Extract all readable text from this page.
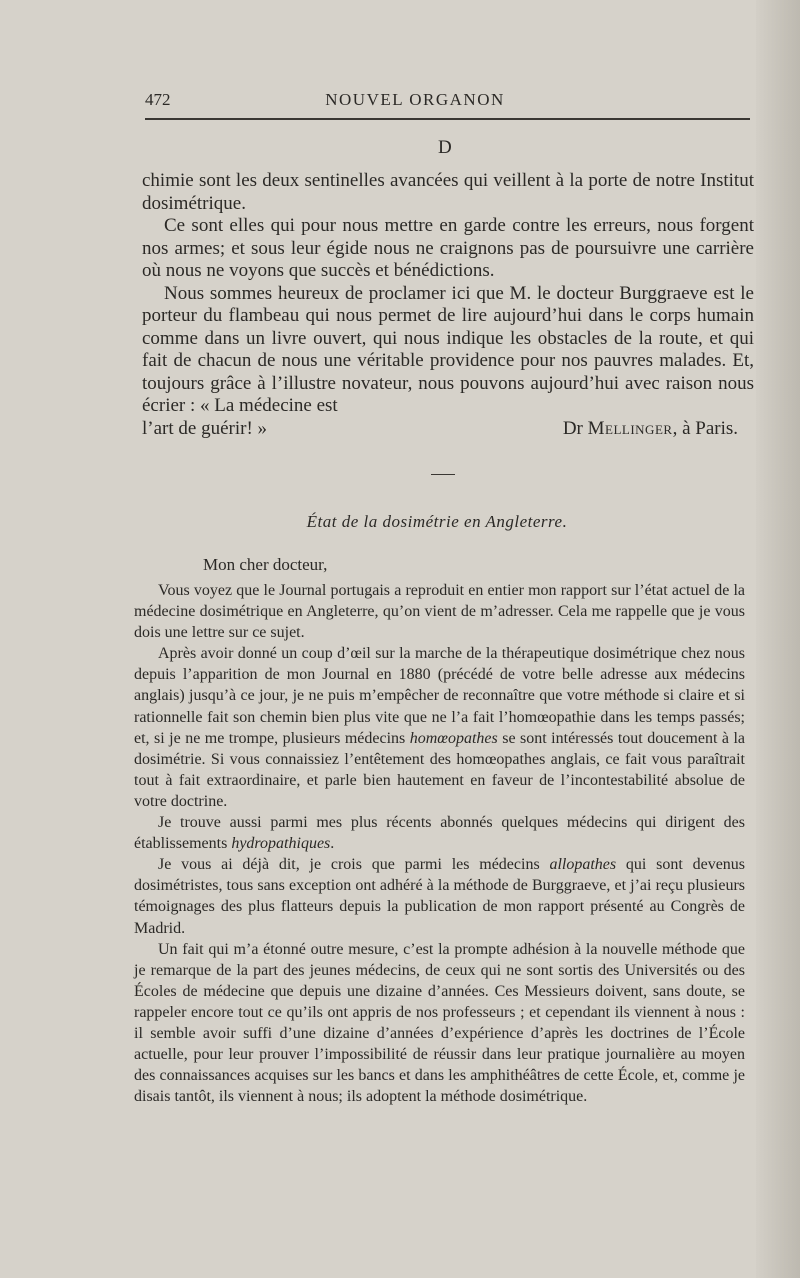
472	NOUVEL ORGANON
D

chimie sont les deux sentinelles avancées qui veillent à la porte de notre Institut dosimétrique.

Ce sont elles qui pour nous mettre en garde contre les erreurs, nous forgent nos armes; et sous leur égide nous ne craignons pas de poursuivre une carrière où nous ne voyons que succès et bénédictions.

Nous sommes heureux de proclamer ici que M. le docteur Burggraeve est le porteur du flambeau qui nous permet de lire aujourd’hui dans le corps humain comme dans un livre ouvert, qui nous indique les obstacles de la route, et qui fait de chacun de nous une véritable providence pour nos pauvres malades. Et, toujours grâce à l’illustre novateur, nous pouvons aujourd’hui avec raison nous écrier : « La médecine est

l’art de guérir! »	Dr Mellinger, à Paris.
État de la dosimétrie en Angleterre.
Mon cher docteur,

Vous voyez que le Journal portugais a reproduit en entier mon rapport sur l’état actuel de la médecine dosimétrique en Angleterre, qu’on vient de m’adresser. Cela me rappelle que je vous dois une lettre sur ce sujet.

Après avoir donné un coup d’œil sur la marche de la thérapeutique dosimétrique chez nous depuis l’apparition de mon Journal en 1880 (précédé de votre belle adresse aux médecins anglais) jusqu’à ce jour, je ne puis m’empêcher de reconnaître que votre méthode si claire et si rationnelle fait son chemin bien plus vite que ne l’a fait l’homœopathie dans les temps passés; et, si je ne me trompe, plusieurs médecins homœopathes se sont intéressés tout doucement à la dosimétrie. Si vous connaissiez l’entêtement des homœopathes anglais, ce fait vous paraîtrait tout à fait extraordinaire, et parle bien hautement en faveur de l’incontestabilité absolue de votre doctrine.

Je trouve aussi parmi mes plus récents abonnés quelques médecins qui dirigent des établissements hydropathiques.

Je vous ai déjà dit, je crois que parmi les médecins allopathes qui sont devenus dosimétristes, tous sans exception ont adhéré à la méthode de Burggraeve, et j’ai reçu plusieurs témoignages des plus flatteurs depuis la publication de mon rapport présenté au Congrès de Madrid.

Un fait qui m’a étonné outre mesure, c’est la prompte adhésion à la nouvelle méthode que je remarque de la part des jeunes médecins, de ceux qui ne sont sortis des Universités ou des Écoles de médecine que depuis une dizaine d’années. Ces Messieurs doivent, sans doute, se rappeler encore tout ce qu’ils ont appris de nos professeurs ; et cependant ils viennent à nous : il semble avoir suffi d’une dizaine d’années d’expérience d’après les doctrines de l’École actuelle, pour leur prouver l’impossibilité de réussir dans leur pratique journalière au moyen des connaissances acquises sur les bancs et dans les amphithéâtres de cette École, et, comme je disais tantôt, ils viennent à nous; ils adoptent la méthode dosimétrique.
